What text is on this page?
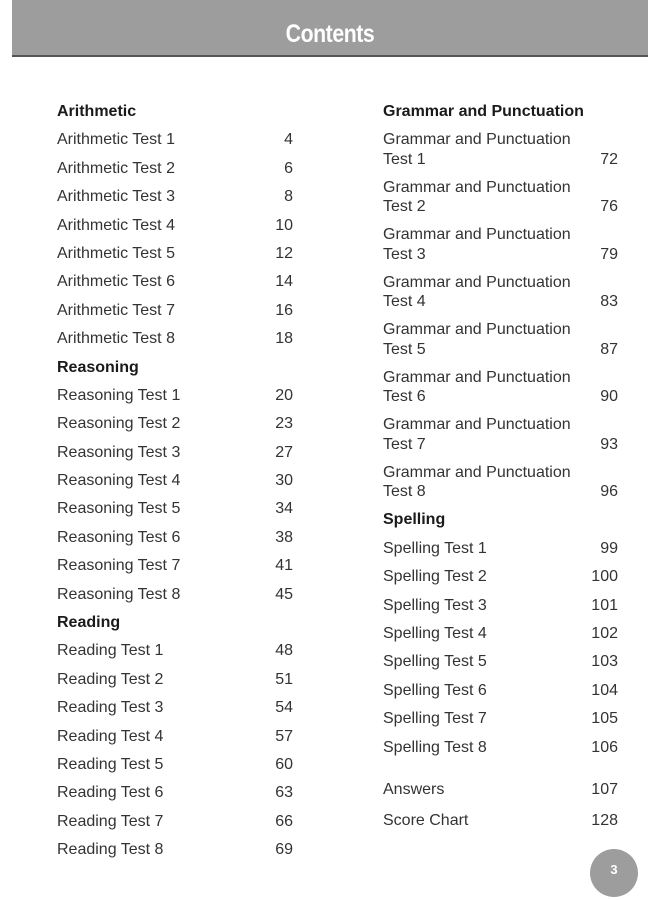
Contents
Arithmetic
Arithmetic Test 1	4
Arithmetic Test 2	6
Arithmetic Test 3	8
Arithmetic Test 4	10
Arithmetic Test 5	12
Arithmetic Test 6	14
Arithmetic Test 7	16
Arithmetic Test 8	18
Reasoning
Reasoning Test 1	20
Reasoning Test 2	23
Reasoning Test 3	27
Reasoning Test 4	30
Reasoning Test 5	34
Reasoning Test 6	38
Reasoning Test 7	41
Reasoning Test 8	45
Reading
Reading Test 1	48
Reading Test 2	51
Reading Test 3	54
Reading Test 4	57
Reading Test 5	60
Reading Test 6	63
Reading Test 7	66
Reading Test 8	69
Grammar and Punctuation
Grammar and Punctuation Test 1	72
Grammar and Punctuation Test 2	76
Grammar and Punctuation Test 3	79
Grammar and Punctuation Test 4	83
Grammar and Punctuation Test 5	87
Grammar and Punctuation Test 6	90
Grammar and Punctuation Test 7	93
Grammar and Punctuation Test 8	96
Spelling
Spelling Test 1	99
Spelling Test 2	100
Spelling Test 3	101
Spelling Test 4	102
Spelling Test 5	103
Spelling Test 6	104
Spelling Test 7	105
Spelling Test 8	106
Answers	107
Score Chart	128
3
